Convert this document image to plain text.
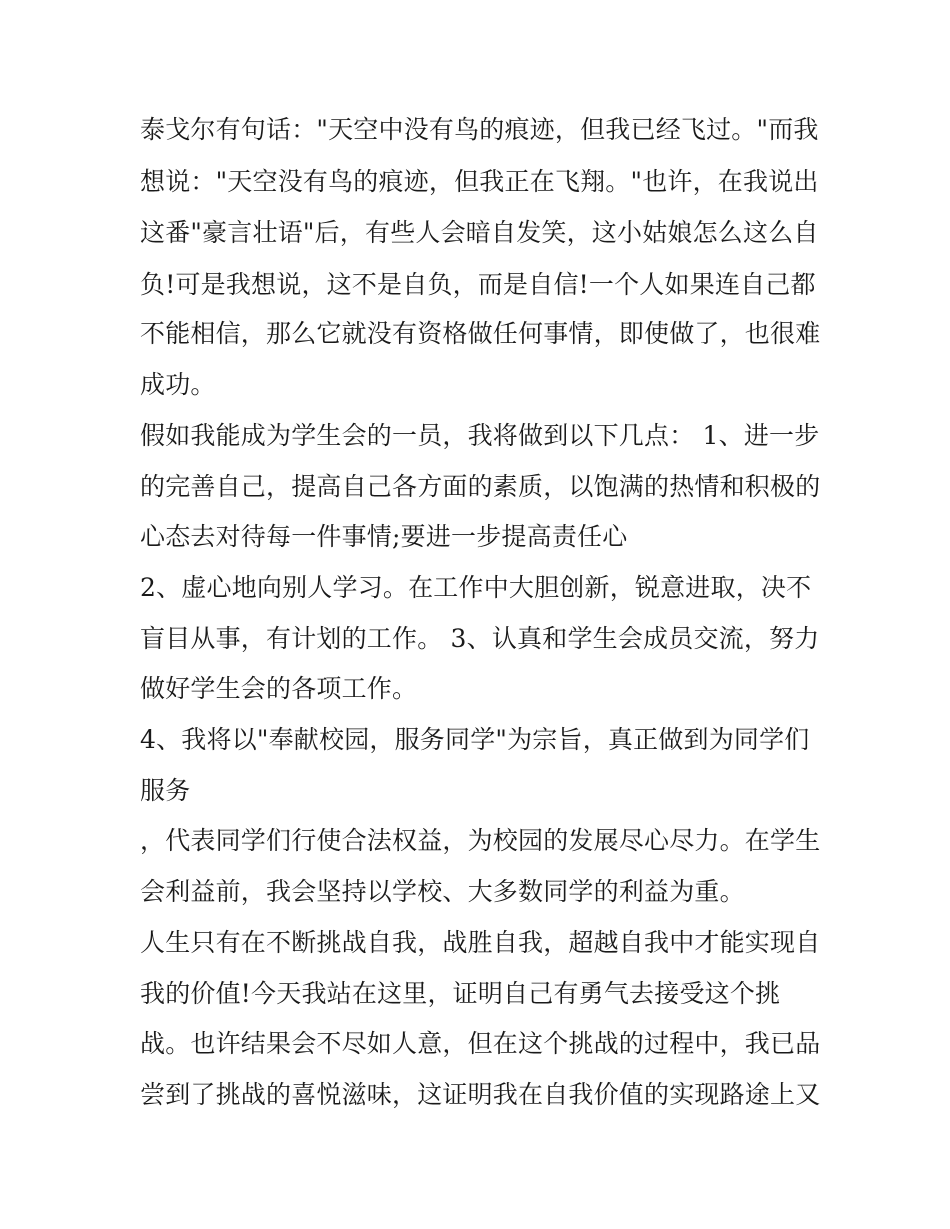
泰戈尔有句话："天空中没有鸟的痕迹，但我已经飞过。"而我
想说："天空没有鸟的痕迹，但我正在飞翔。"也许，在我说出
这番"豪言壮语"后，有些人会暗自发笑，这小姑娘怎么这么自
负!可是我想说，这不是自负，而是自信!一个人如果连自己都
不能相信，那么它就没有资格做任何事情，即使做了，也很难
成功。
假如我能成为学生会的一员，我将做到以下几点： 1、进一步
的完善自己，提高自己各方面的素质，以饱满的热情和积极的
心态去对待每一件事情;要进一步提高责任心
2、虚心地向别人学习。在工作中大胆创新，锐意进取，决不
盲目从事，有计划的工作。 3、认真和学生会成员交流，努力
做好学生会的各项工作。
4、我将以"奉献校园，服务同学"为宗旨，真正做到为同学们
服务
，代表同学们行使合法权益，为校园的发展尽心尽力。在学生
会利益前，我会坚持以学校、大多数同学的利益为重。
人生只有在不断挑战自我，战胜自我，超越自我中才能实现自
我的价值!今天我站在这里，证明自己有勇气去接受这个挑
战。也许结果会不尽如人意，但在这个挑战的过程中，我已品
尝到了挑战的喜悦滋味，这证明我在自我价值的实现路途上又
